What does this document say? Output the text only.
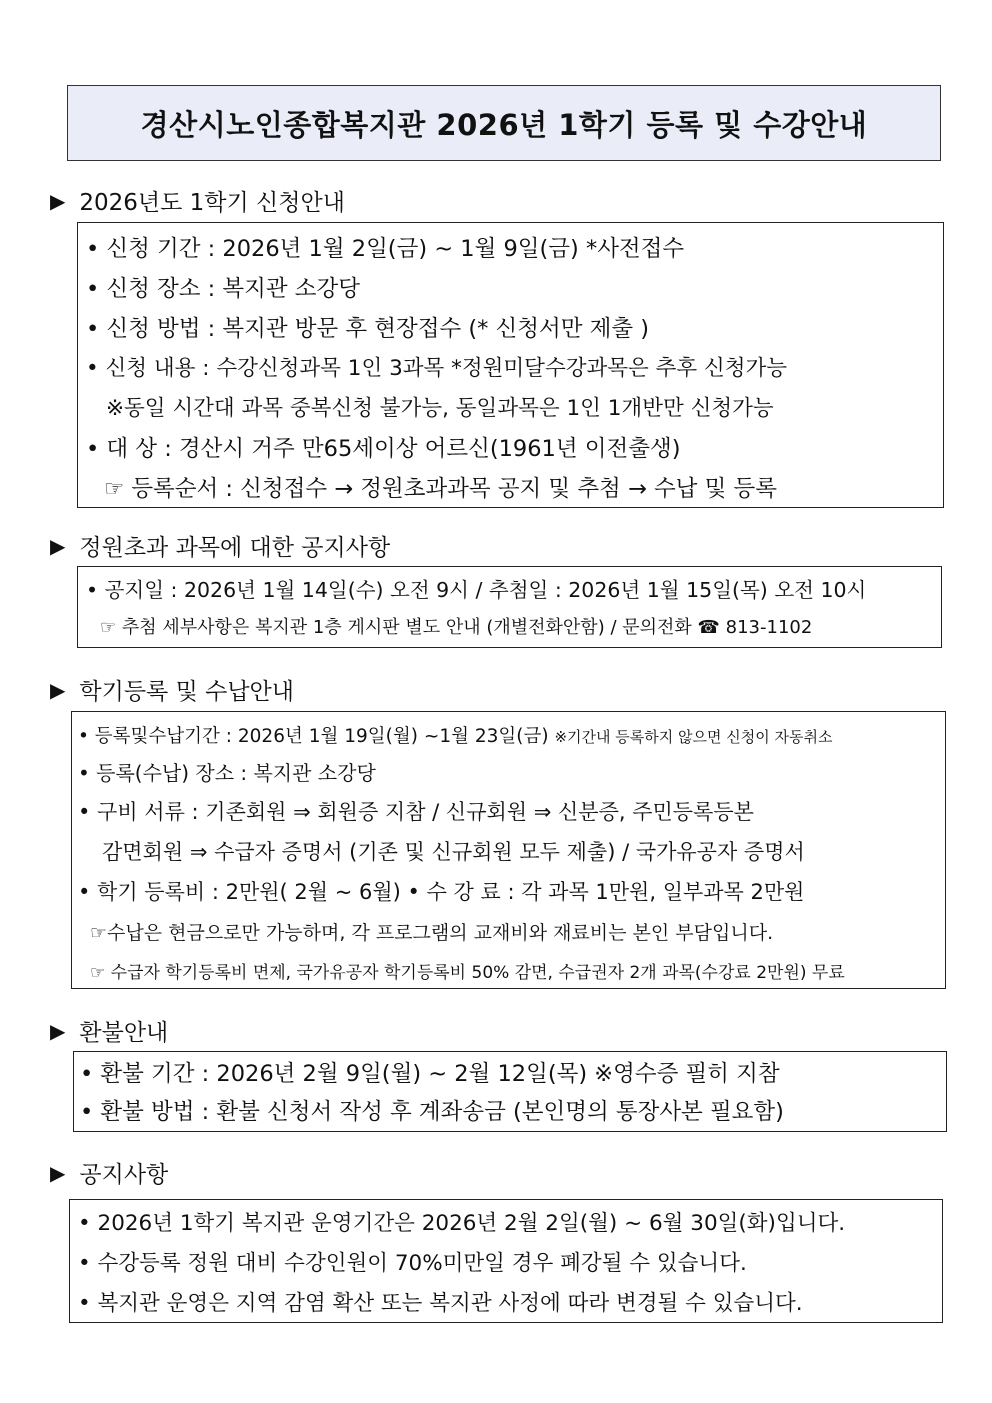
경산시노인종합복지관 2026년 1학기 등록 및 수강안내
▶ 2026년도 1학기 신청안내
• 신청 기간 : 2026년 1월 2일(금) ~ 1월 9일(금) *사전접수
• 신청 장소 : 복지관 소강당
• 신청 방법 : 복지관 방문 후 현장접수 (* 신청서만 제출 )
• 신청 내용 : 수강신청과목 1인 3과목 *정원미달수강과목은 추후 신청가능
※동일 시간대 과목 중복신청 불가능, 동일과목은 1인 1개반만 신청가능
• 대 상 : 경산시 거주 만65세이상 어르신(1961년 이전출생)
☞ 등록순서 : 신청접수 → 정원초과과목 공지 및 추첨 → 수납 및 등록
▶ 정원초과 과목에 대한 공지사항
• 공지일 : 2026년 1월 14일(수) 오전 9시 / 추첨일 : 2026년 1월 15일(목) 오전 10시
☞ 추첨 세부사항은 복지관 1층 게시판 별도 안내 (개별전화안함) / 문의전화 ☎ 813-1102
▶ 학기등록 및 수납안내
• 등록및수납기간 : 2026년 1월 19일(월) ~1월 23일(금) ※기간내 등록하지 않으면 신청이 자동취소
• 등록(수납) 장소 : 복지관 소강당
• 구비 서류 : 기존회원 ⇒ 회원증 지참 / 신규회원 ⇒ 신분증, 주민등록등본
감면회원 ⇒ 수급자 증명서 (기존 및 신규회원 모두 제출) / 국가유공자 증명서
• 학기 등록비 : 2만원( 2월 ~ 6월) • 수 강 료 : 각 과목 1만원, 일부과목 2만원
☞수납은 현금으로만 가능하며, 각 프로그램의 교재비와 재료비는 본인 부담입니다.
☞ 수급자 학기등록비 면제, 국가유공자 학기등록비 50% 감면, 수급권자 2개 과목(수강료 2만원) 무료
▶ 환불안내
• 환불 기간 : 2026년 2월 9일(월) ~ 2월 12일(목) ※영수증 필히 지참
• 환불 방법 : 환불 신청서 작성 후 계좌송금 (본인명의 통장사본 필요함)
▶ 공지사항
• 2026년 1학기 복지관 운영기간은 2026년 2월 2일(월) ~ 6월 30일(화)입니다.
• 수강등록 정원 대비 수강인원이 70%미만일 경우 폐강될 수 있습니다.
• 복지관 운영은 지역 감염 확산 또는 복지관 사정에 따라 변경될 수 있습니다.
